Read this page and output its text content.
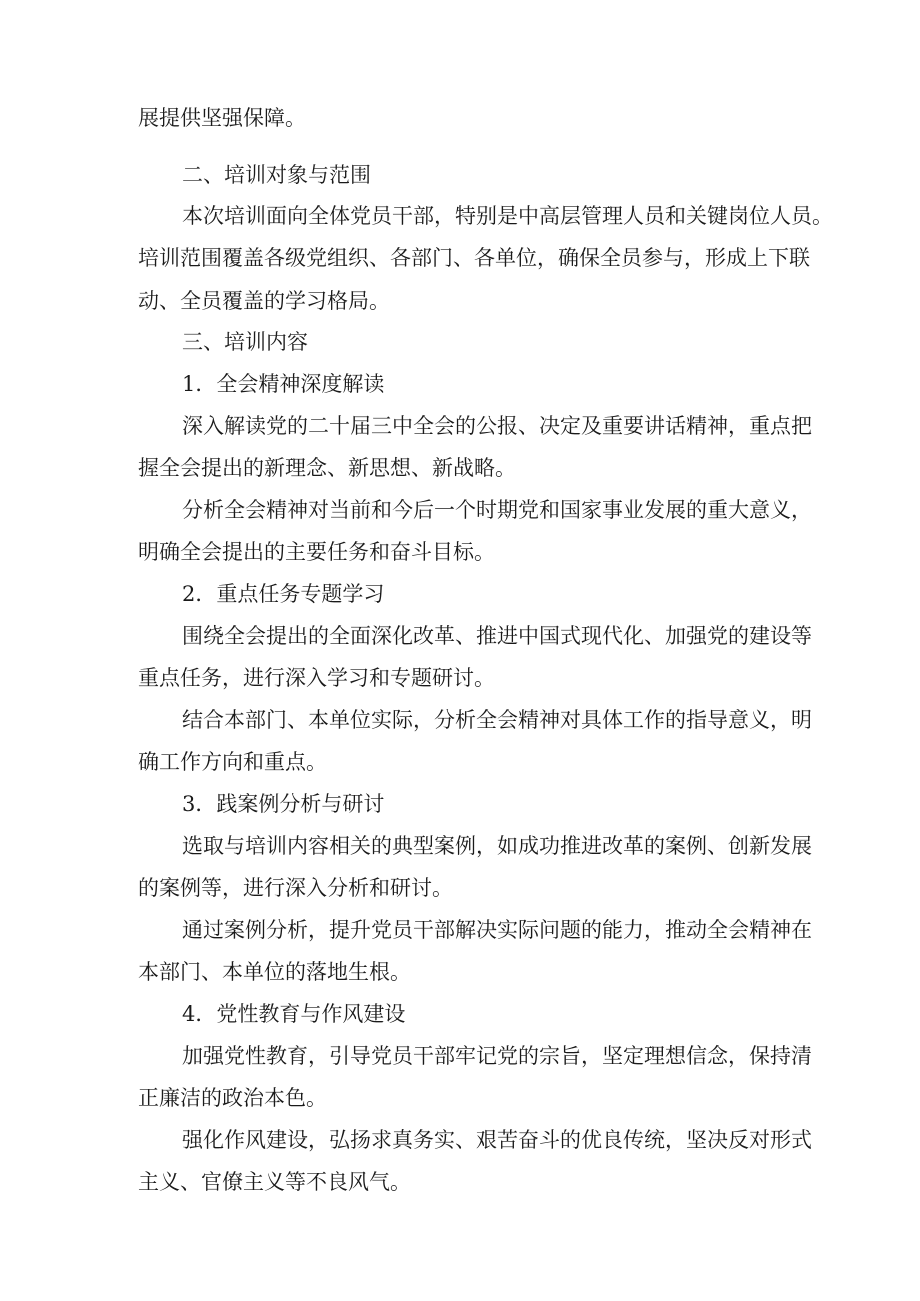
展提供坚强保障。

二、培训对象与范围

本次培训面向全体党员干部，特别是中高层管理人员和关键岗位人员。

培训范围覆盖各级党组织、各部门、各单位，确保全员参与，形成上下联

动、全员覆盖的学习格局。

三、培训内容

1．全会精神深度解读

深入解读党的二十届三中全会的公报、决定及重要讲话精神，重点把

握全会提出的新理念、新思想、新战略。

分析全会精神对当前和今后一个时期党和国家事业发展的重大意义，

明确全会提出的主要任务和奋斗目标。

2．重点任务专题学习

围绕全会提出的全面深化改革、推进中国式现代化、加强党的建设等

重点任务，进行深入学习和专题研讨。

结合本部门、本单位实际，分析全会精神对具体工作的指导意义，明

确工作方向和重点。

3．践案例分析与研讨

选取与培训内容相关的典型案例，如成功推进改革的案例、创新发展

的案例等，进行深入分析和研讨。

通过案例分析，提升党员干部解决实际问题的能力，推动全会精神在

本部门、本单位的落地生根。

4．党性教育与作风建设

加强党性教育，引导党员干部牢记党的宗旨，坚定理想信念，保持清

正廉洁的政治本色。

强化作风建设，弘扬求真务实、艰苦奋斗的优良传统，坚决反对形式

主义、官僚主义等不良风气。
